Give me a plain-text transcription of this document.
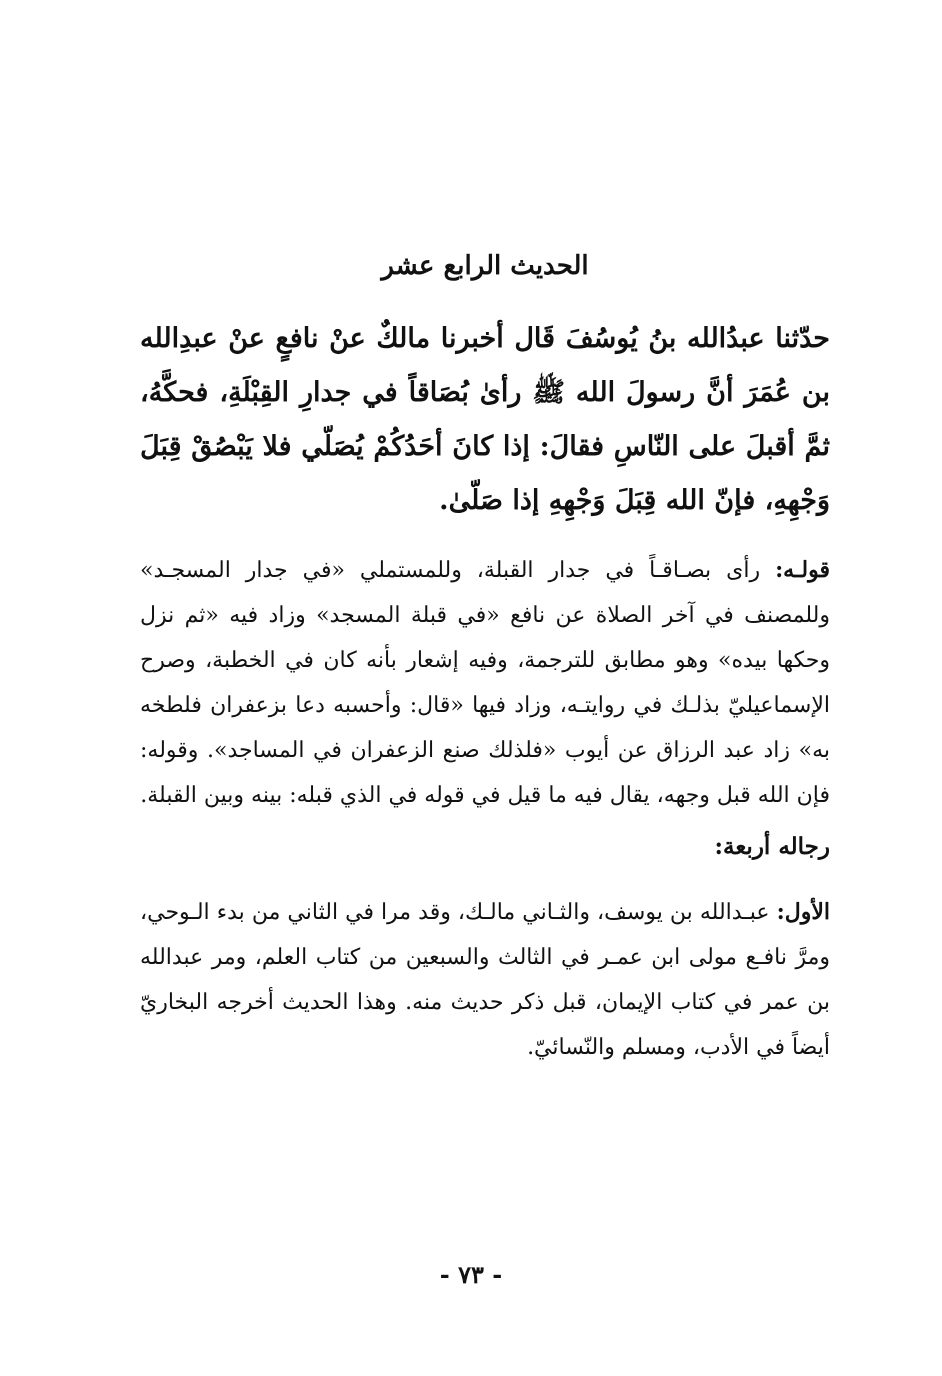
الحديث الرابع عشر

حدّثنا عبدُالله بنُ يُوسُفَ قَال أخبرنا مالكٌ عنْ نافعٍ عنْ عبدِالله بن عُمَرَ أنَّ رسولَ الله ﷺ رأىٰ بُصَاقاً في جدارِ القِبْلَةِ، فحكَّهُ، ثمَّ أقبلَ على النّاسِ فقالَ: إذا كانَ أحَدُكُمْ يُصَلّي فلا يَبْصُقْ قِبَلَ وَجْهِهِ، فإنّ الله قِبَلَ وَجْهِهِ إذا صَلّىٰ.

قولـه: رأى بصـاقـاً في جدار القبلة، وللمستملي «في جدار المسجـد» وللمصنف في آخر الصلاة عن نافع «في قبلة المسجد» وزاد فيه «ثم نزل وحكها بيده» وهو مطابق للترجمة، وفيه إشعار بأنه كان في الخطبة، وصرح الإسماعيليّ بذلـك في روايتـه، وزاد فيها «قال: وأحسبه دعا بزعفران فلطخه به» زاد عبد الرزاق عن أيوب «فلذلك صنع الزعفران في المساجد». وقوله: فإن الله قبل وجهه، يقال فيه ما قيل في قوله في الذي قبله: بينه وبين القبلة.

رجاله أربعة:

الأول: عبـدالله بن يوسف، والثـاني مالـك، وقد مرا في الثاني من بدء الـوحي، ومرَّ نافـع مولى ابن عمـر في الثالث والسبعين من كتاب العلم، ومر عبدالله بن عمر في كتاب الإيمان، قبل ذكر حديث منه. وهذا الحديث أخرجه البخاريّ أيضاً في الأدب، ومسلم والنّسائيّ.

- ٧٣ -
